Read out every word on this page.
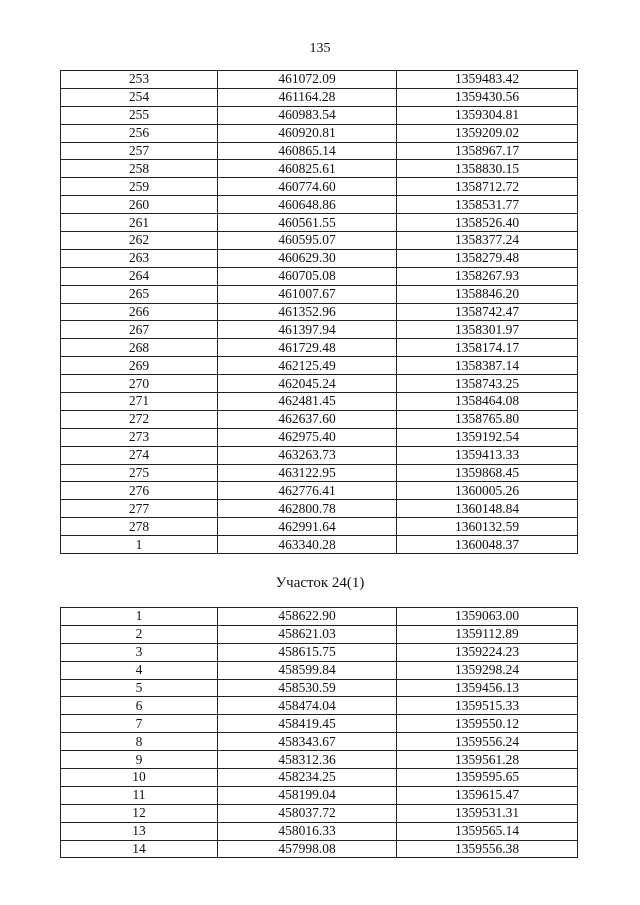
135
253	461072.09	1359483.42
254	461164.28	1359430.56
255	460983.54	1359304.81
256	460920.81	1359209.02
257	460865.14	1358967.17
258	460825.61	1358830.15
259	460774.60	1358712.72
260	460648.86	1358531.77
261	460561.55	1358526.40
262	460595.07	1358377.24
263	460629.30	1358279.48
264	460705.08	1358267.93
265	461007.67	1358846.20
266	461352.96	1358742.47
267	461397.94	1358301.97
268	461729.48	1358174.17
269	462125.49	1358387.14
270	462045.24	1358743.25
271	462481.45	1358464.08
272	462637.60	1358765.80
273	462975.40	1359192.54
274	463263.73	1359413.33
275	463122.95	1359868.45
276	462776.41	1360005.26
277	462800.78	1360148.84
278	462991.64	1360132.59
1	463340.28	1360048.37
Участок 24(1)
1	458622.90	1359063.00
2	458621.03	1359112.89
3	458615.75	1359224.23
4	458599.84	1359298.24
5	458530.59	1359456.13
6	458474.04	1359515.33
7	458419.45	1359550.12
8	458343.67	1359556.24
9	458312.36	1359561.28
10	458234.25	1359595.65
11	458199.04	1359615.47
12	458037.72	1359531.31
13	458016.33	1359565.14
14	457998.08	1359556.38
